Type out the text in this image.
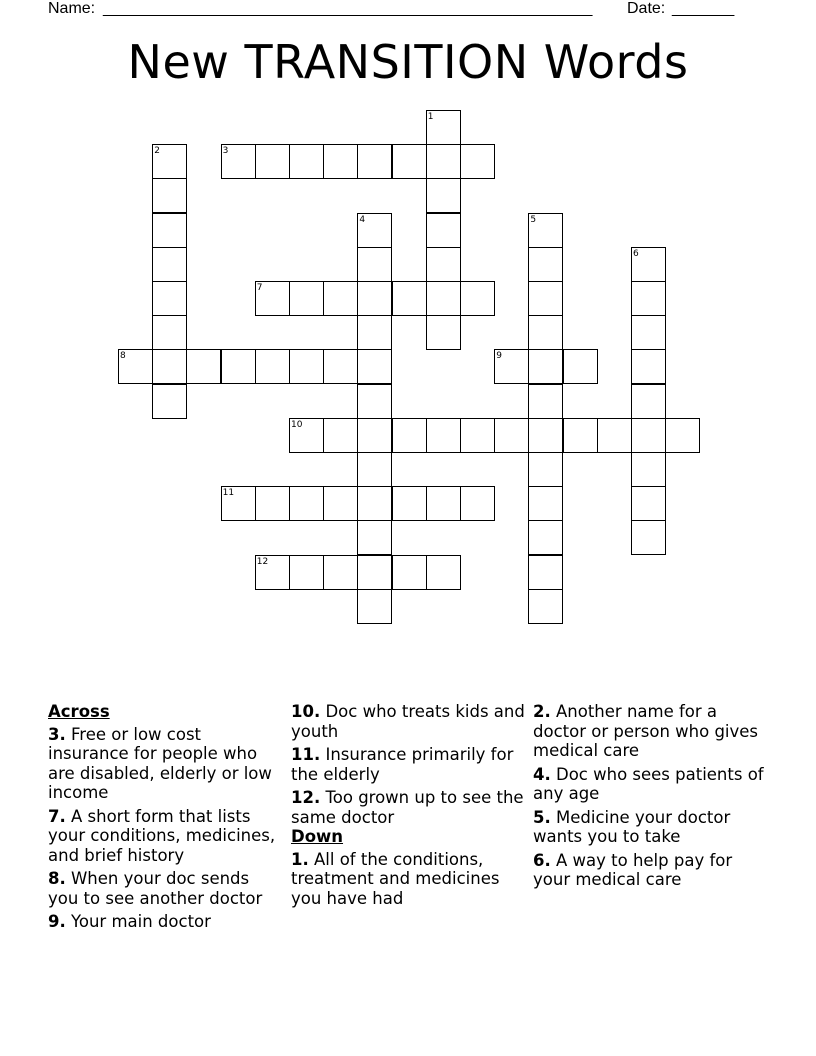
Name: _______________________________________________________ Date: _______
New TRANSITION Words
1
2	3
4	5
6
7
8	9
10
11
12
Across
3. Free or low cost insurance for people who are disabled, elderly or low income
7. A short form that lists your conditions, medicines, and brief history
8. When your doc sends you to see another doctor
9. Your main doctor
10. Doc who treats kids and youth
11. Insurance primarily for the elderly
12. Too grown up to see the same doctor
Down
1. All of the conditions, treatment and medicines you have had
2. Another name for a doctor or person who gives medical care
4. Doc who sees patients of any age
5. Medicine your doctor wants you to take
6. A way to help pay for your medical care
